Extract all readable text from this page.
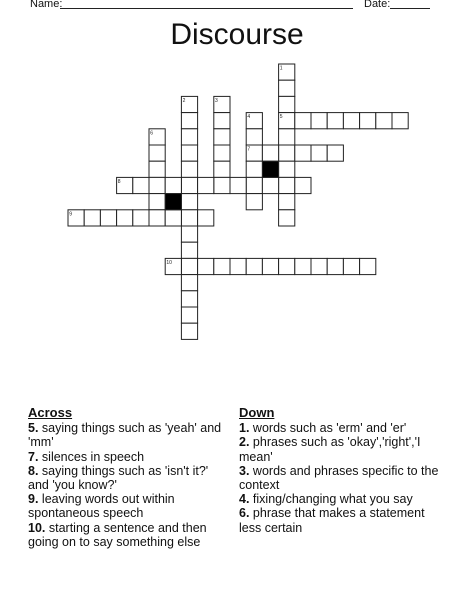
Name:	Date:
Discourse
1
2	3
4	5
6
7
8
9
10
Across
5. saying things such as 'yeah' and 'mm'
7. silences in speech
8. saying things such as 'isn't it?' and 'you know?'
9. leaving words out within spontaneous speech
10. starting a sentence and then going on to say something else
Down
1. words such as 'erm' and 'er'
2. phrases such as 'okay','right','I mean'
3. words and phrases specific to the context
4. fixing/changing what you say
6. phrase that makes a statement less certain
